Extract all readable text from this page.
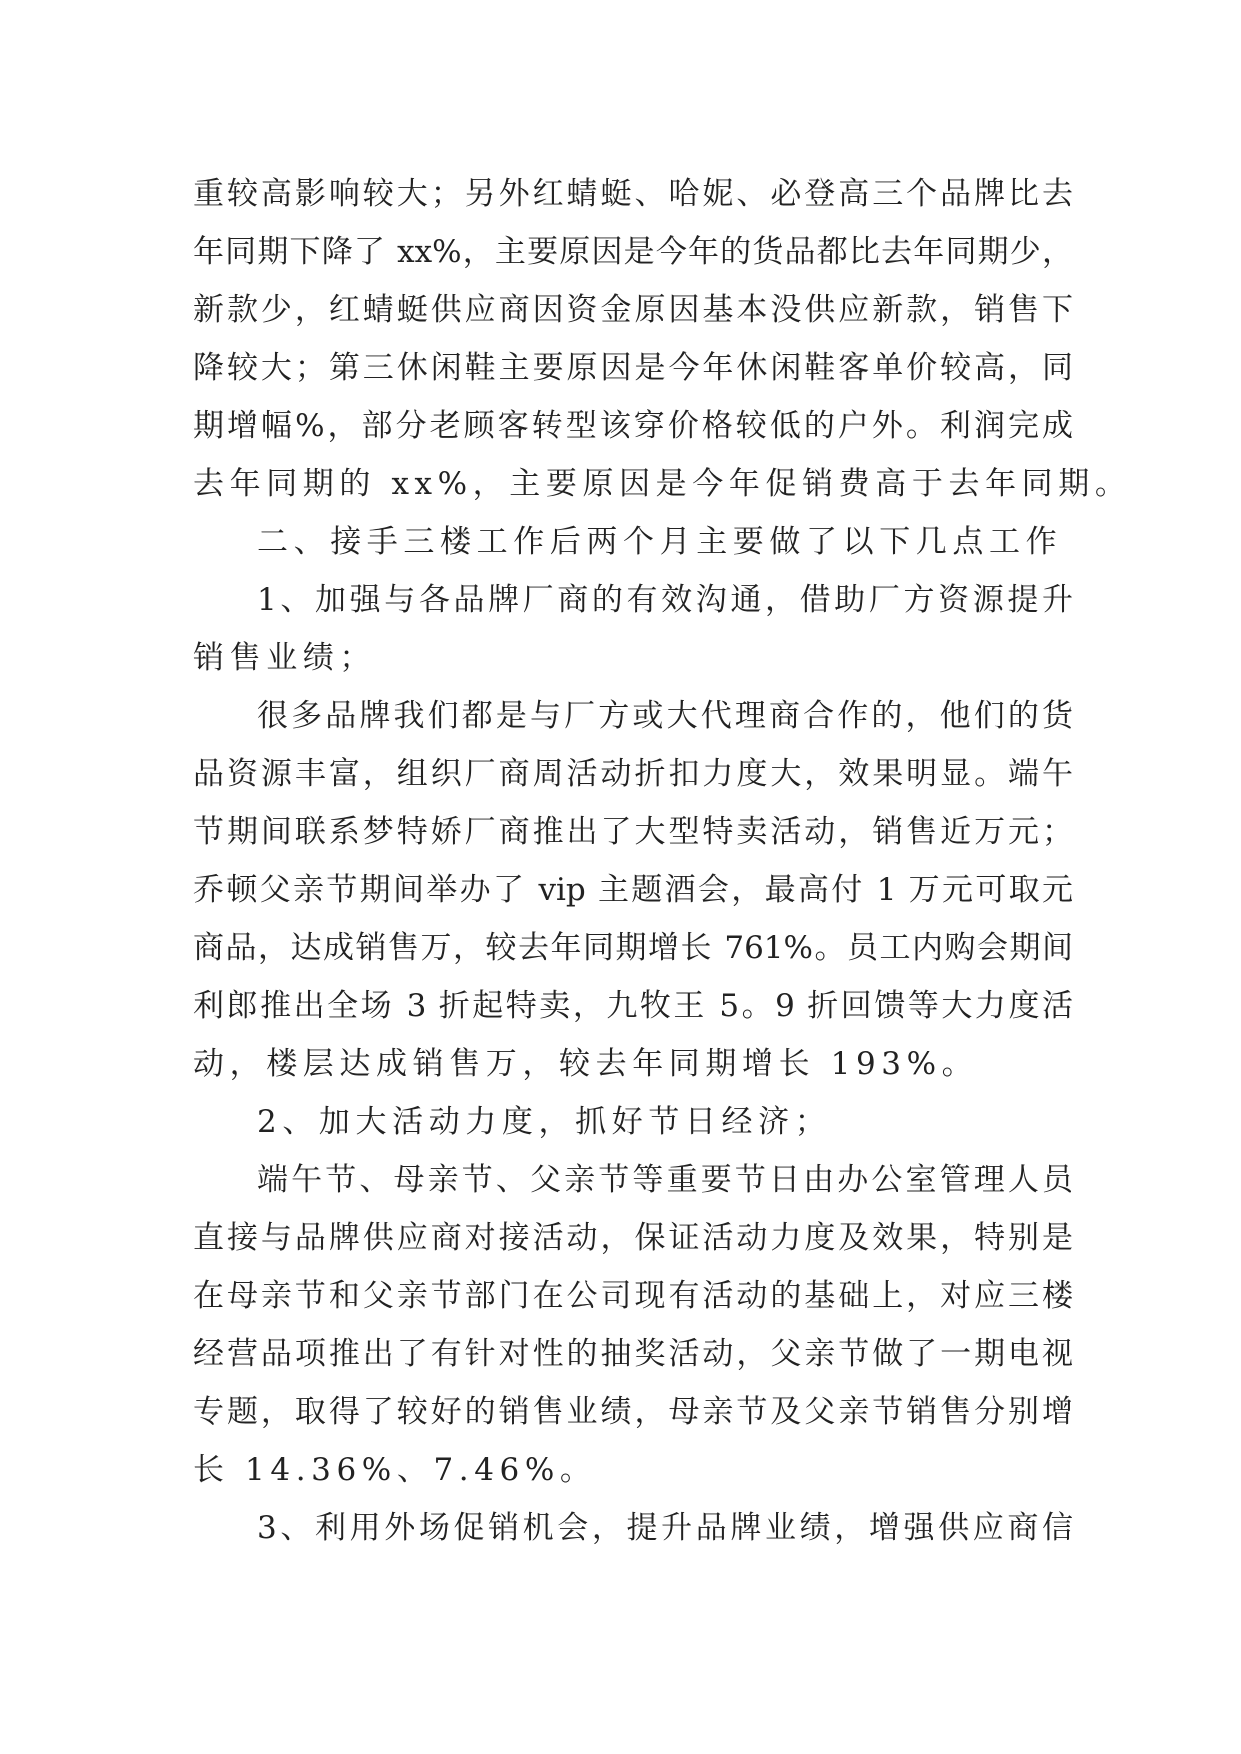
重较高影响较大；另外红蜻蜓、哈妮、必登高三个品牌比去
年同期下降了 xx%，主要原因是今年的货品都比去年同期少，
新款少，红蜻蜓供应商因资金原因基本没供应新款，销售下
降较大；第三休闲鞋主要原因是今年休闲鞋客单价较高，同
期增幅%，部分老顾客转型该穿价格较低的户外。利润完成
去年同期的 xx%，主要原因是今年促销费高于去年同期。
二、接手三楼工作后两个月主要做了以下几点工作
1、加强与各品牌厂商的有效沟通，借助厂方资源提升
销售业绩；
很多品牌我们都是与厂方或大代理商合作的，他们的货
品资源丰富，组织厂商周活动折扣力度大，效果明显。端午
节期间联系梦特娇厂商推出了大型特卖活动，销售近万元；
乔顿父亲节期间举办了 vip 主题酒会，最高付 1 万元可取元
商品，达成销售万，较去年同期增长 761%。员工内购会期间
利郎推出全场 3 折起特卖，九牧王 5。9 折回馈等大力度活
动，楼层达成销售万，较去年同期增长 193%。
2、加大活动力度，抓好节日经济；
端午节、母亲节、父亲节等重要节日由办公室管理人员
直接与品牌供应商对接活动，保证活动力度及效果，特别是
在母亲节和父亲节部门在公司现有活动的基础上，对应三楼
经营品项推出了有针对性的抽奖活动，父亲节做了一期电视
专题，取得了较好的销售业绩，母亲节及父亲节销售分别增
长 14.36%、7.46%。
3、利用外场促销机会，提升品牌业绩，增强供应商信
